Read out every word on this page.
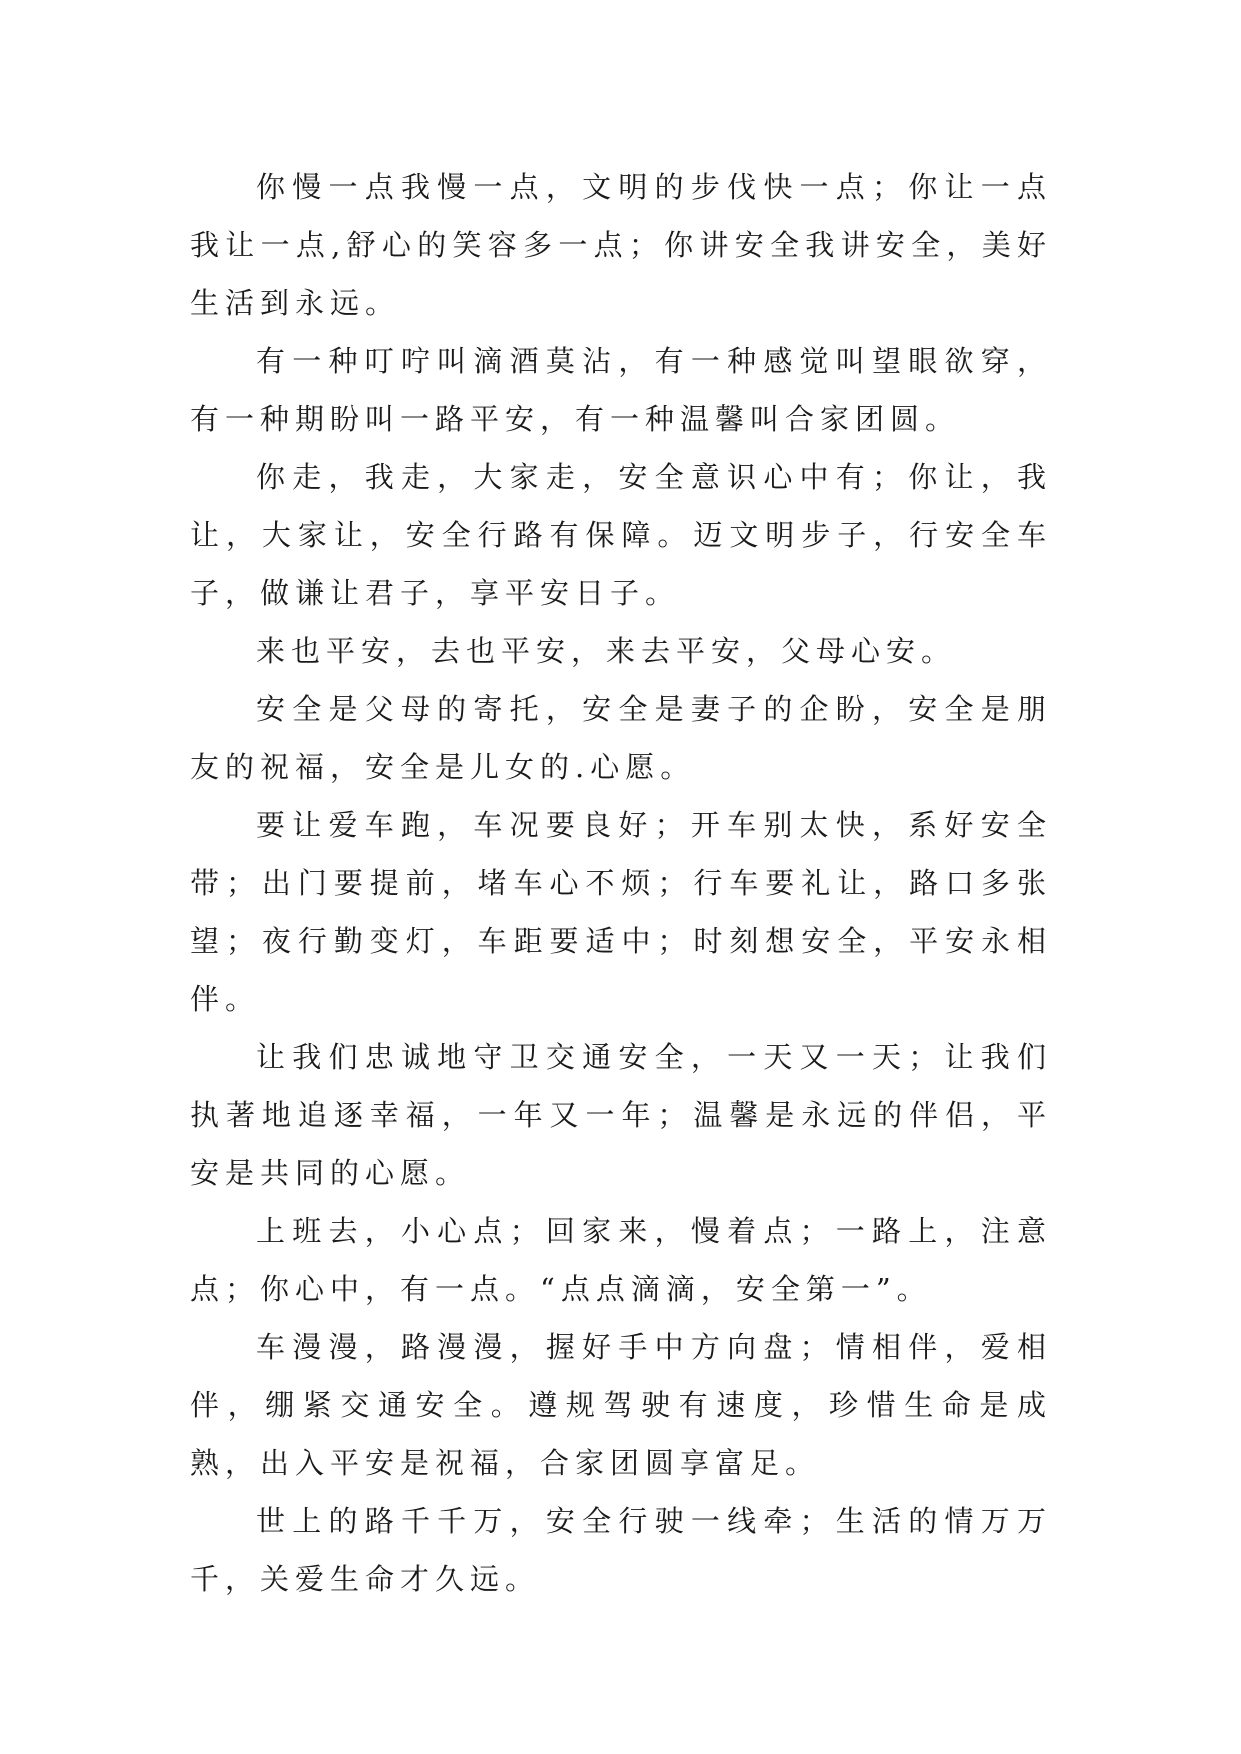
你慢一点我慢一点，文明的步伐快一点；你让一点我让一点,舒心的笑容多一点；你讲安全我讲安全，美好生活到永远。

有一种叮咛叫滴酒莫沾，有一种感觉叫望眼欲穿，有一种期盼叫一路平安，有一种温馨叫合家团圆。

你走，我走，大家走，安全意识心中有；你让，我让，大家让，安全行路有保障。迈文明步子，行安全车子，做谦让君子，享平安日子。

来也平安，去也平安，来去平安，父母心安。

安全是父母的寄托，安全是妻子的企盼，安全是朋友的祝福，安全是儿女的.心愿。

要让爱车跑，车况要良好；开车别太快，系好安全带；出门要提前，堵车心不烦；行车要礼让，路口多张望；夜行勤变灯，车距要适中；时刻想安全，平安永相伴。

让我们忠诚地守卫交通安全，一天又一天；让我们执著地追逐幸福，一年又一年；温馨是永远的伴侣，平安是共同的心愿。

上班去，小心点；回家来，慢着点；一路上，注意点；你心中，有一点。“点点滴滴，安全第一”。

车漫漫，路漫漫，握好手中方向盘；情相伴，爱相伴，绷紧交通安全。遵规驾驶有速度，珍惜生命是成熟，出入平安是祝福，合家团圆享富足。

世上的路千千万，安全行驶一线牵；生活的情万万千，关爱生命才久远。
